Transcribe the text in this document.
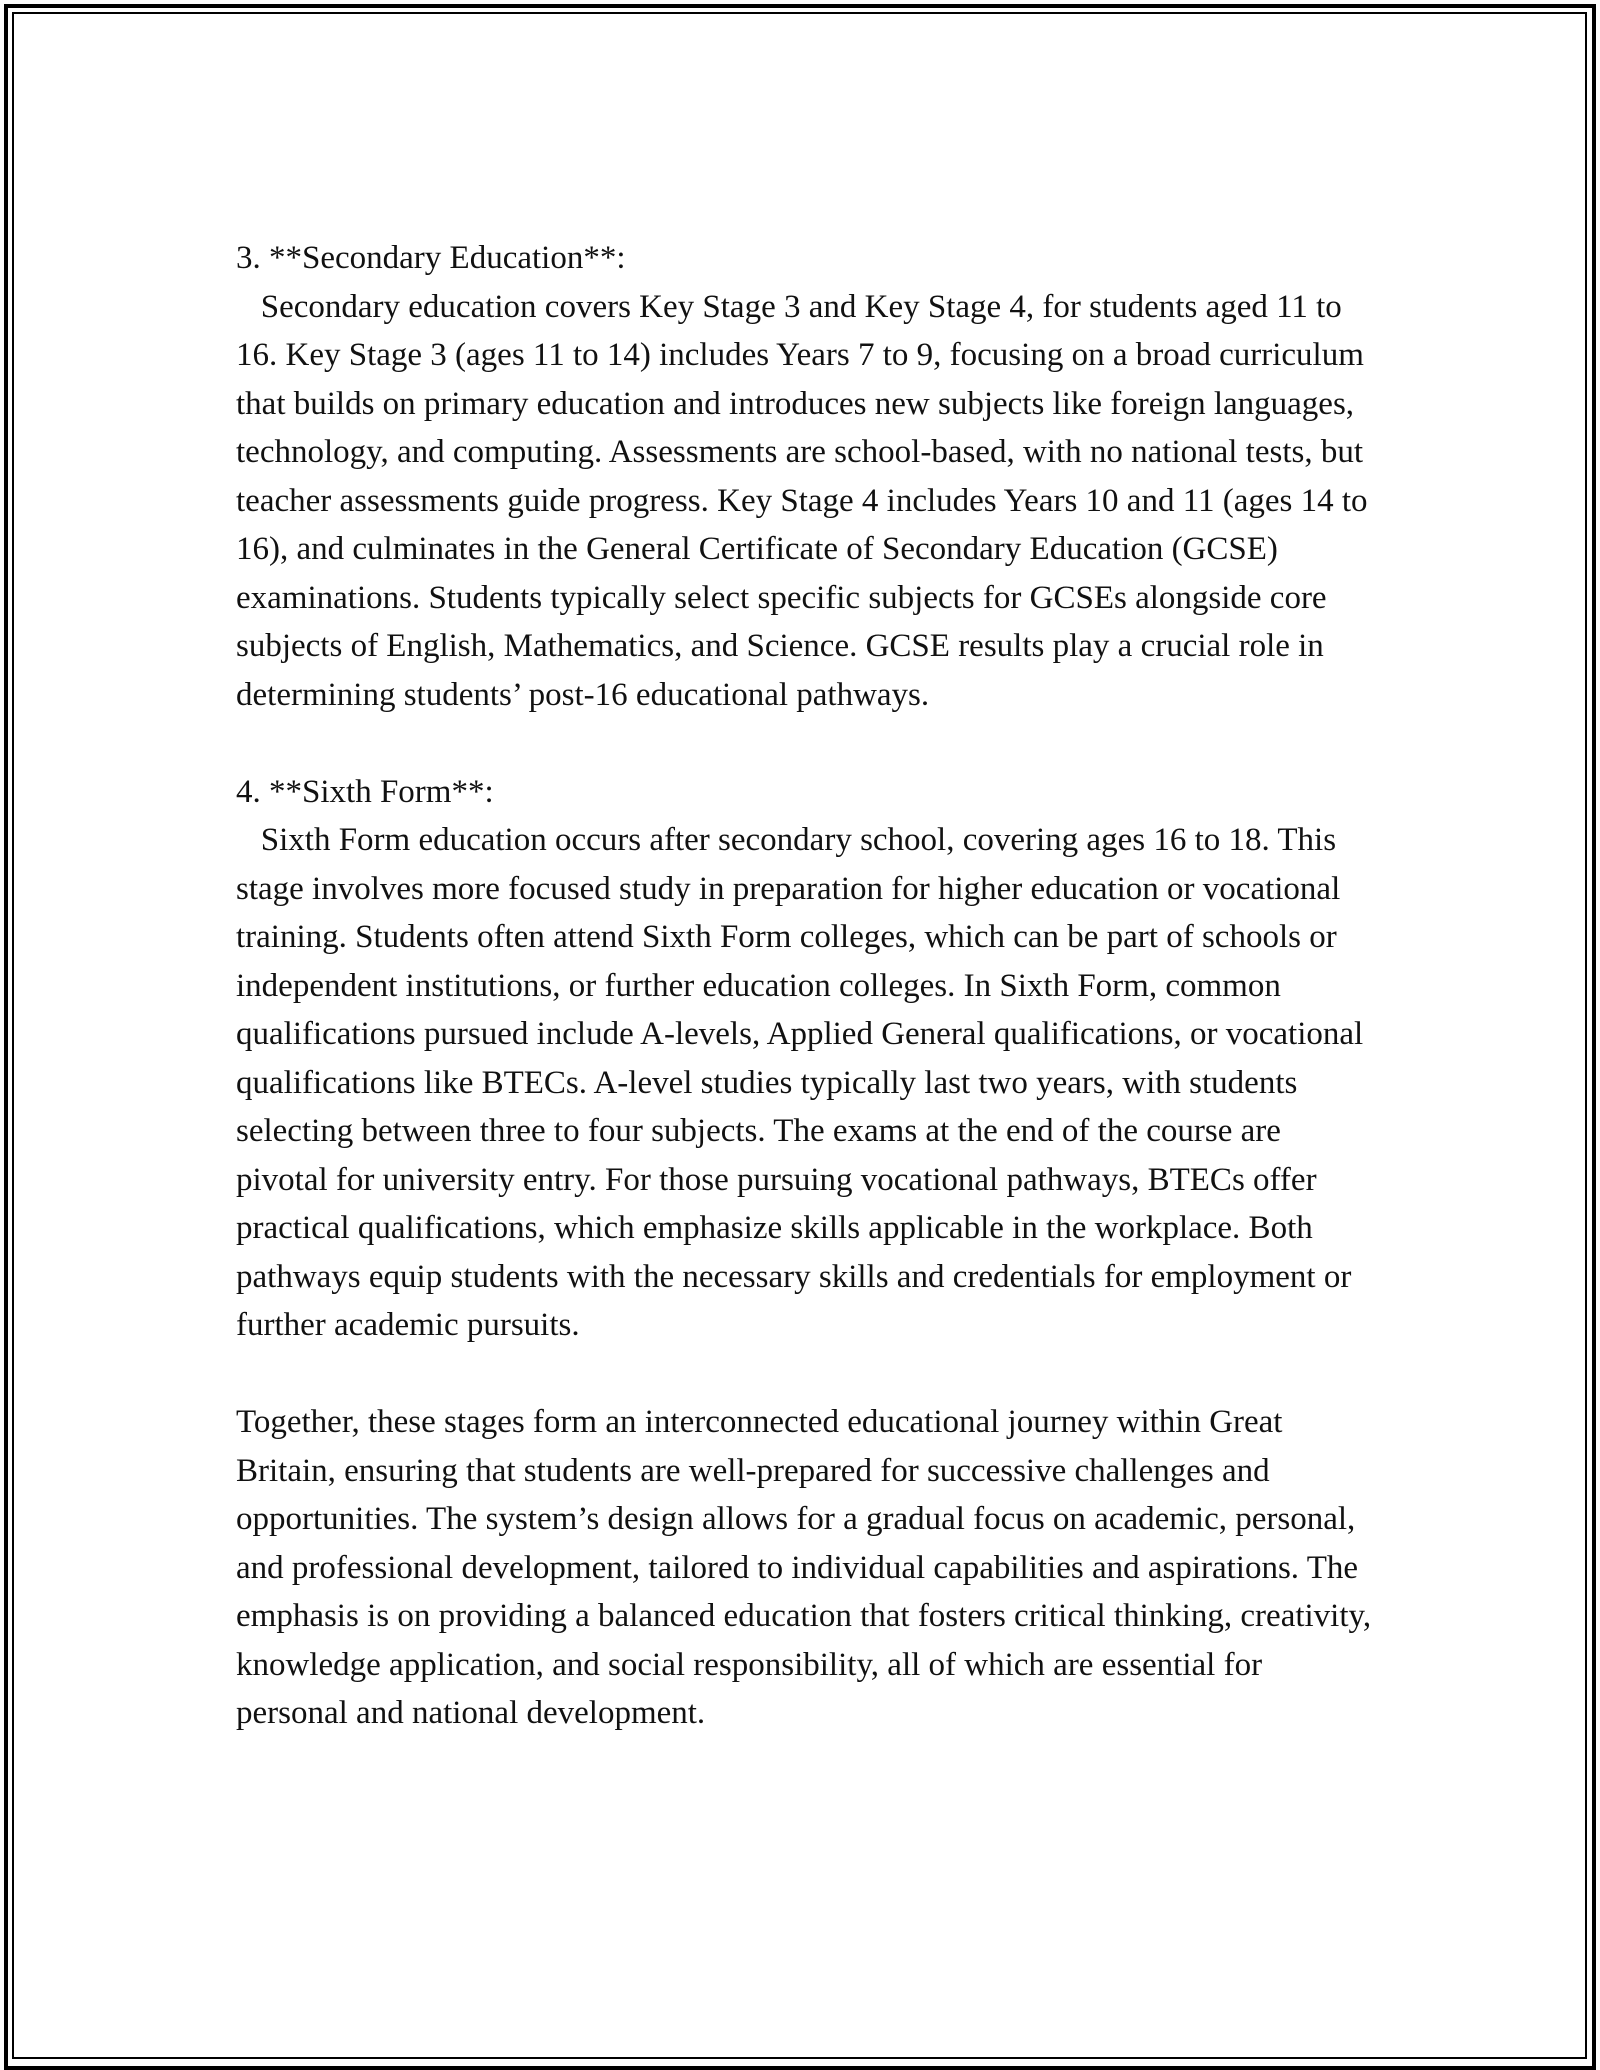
3. **Secondary Education**:

Secondary education covers Key Stage 3 and Key Stage 4, for students aged 11 to 16. Key Stage 3 (ages 11 to 14) includes Years 7 to 9, focusing on a broad curriculum that builds on primary education and introduces new subjects like foreign languages, technology, and computing. Assessments are school-based, with no national tests, but teacher assessments guide progress. Key Stage 4 includes Years 10 and 11 (ages 14 to 16), and culminates in the General Certificate of Secondary Education (GCSE) examinations. Students typically select specific subjects for GCSEs alongside core subjects of English, Mathematics, and Science. GCSE results play a crucial role in determining students’ post-16 educational pathways.

4. **Sixth Form**:

Sixth Form education occurs after secondary school, covering ages 16 to 18. This stage involves more focused study in preparation for higher education or vocational training. Students often attend Sixth Form colleges, which can be part of schools or independent institutions, or further education colleges. In Sixth Form, common qualifications pursued include A-levels, Applied General qualifications, or vocational qualifications like BTECs. A-level studies typically last two years, with students selecting between three to four subjects. The exams at the end of the course are pivotal for university entry. For those pursuing vocational pathways, BTECs offer practical qualifications, which emphasize skills applicable in the workplace. Both pathways equip students with the necessary skills and credentials for employment or further academic pursuits.

Together, these stages form an interconnected educational journey within Great Britain, ensuring that students are well-prepared for successive challenges and opportunities. The system’s design allows for a gradual focus on academic, personal, and professional development, tailored to individual capabilities and aspirations. The emphasis is on providing a balanced education that fosters critical thinking, creativity, knowledge application, and social responsibility, all of which are essential for personal and national development.
